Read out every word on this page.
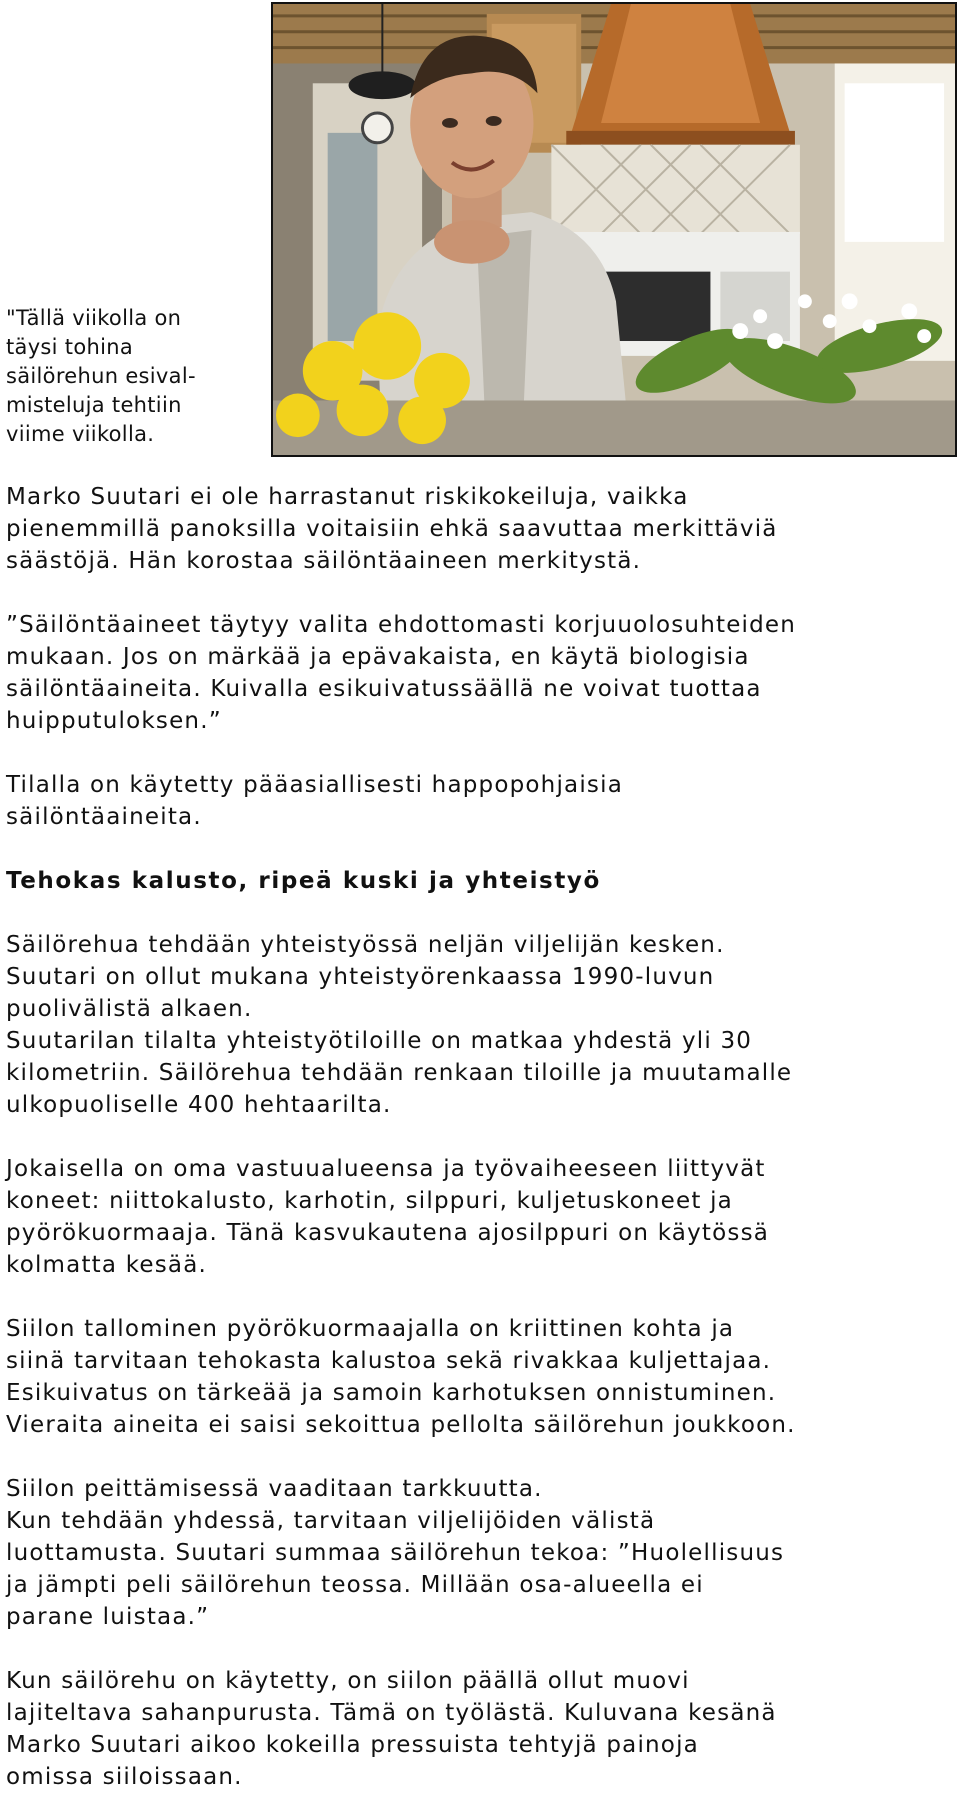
"Tällä viikolla on
täysi tohina
säilörehun esival-
misteluja tehtiin
viime viikolla.

Marko Suutari ei ole harrastanut riskikokeiluja, vaikka
pienemmillä panoksilla voitaisiin ehkä saavuttaa merkittäviä
säästöjä. Hän korostaa säilöntäaineen merkitystä.

”Säilöntäaineet täytyy valita ehdottomasti korjuuolosuhteiden
mukaan. Jos on märkää ja epävakaista, en käytä biologisia
säilöntäaineita. Kuivalla esikuivatussäällä ne voivat tuottaa
huipputuloksen.”

Tilalla on käytetty pääasiallisesti happopohjaisia
säilöntäaineita.

Tehokas kalusto, ripeä kuski ja yhteistyö

Säilörehua tehdään yhteistyössä neljän viljelijän kesken.
Suutari on ollut mukana yhteistyörenkaassa 1990-luvun
puolivälistä alkaen.
Suutarilan tilalta yhteistyötiloille on matkaa yhdestä yli 30
kilometriin. Säilörehua tehdään renkaan tiloille ja muutamalle
ulkopuoliselle 400 hehtaarilta.

Jokaisella on oma vastuualueensa ja työvaiheeseen liittyvät
koneet: niittokalusto, karhotin, silppuri, kuljetuskoneet ja
pyörökuormaaja. Tänä kasvukautena ajosilppuri on käytössä
kolmatta kesää.

Siilon tallominen pyörökuormaajalla on kriittinen kohta ja
siinä tarvitaan tehokasta kalustoa sekä rivakkaa kuljettajaa.
Esikuivatus on tärkeää ja samoin karhotuksen onnistuminen.
Vieraita aineita ei saisi sekoittua pellolta säilörehun joukkoon.

Siilon peittämisessä vaaditaan tarkkuutta.
Kun tehdään yhdessä, tarvitaan viljelijöiden välistä
luottamusta. Suutari summaa säilörehun tekoa: ”Huolellisuus
ja jämpti peli säilörehun teossa. Millään osa-alueella ei
parane luistaa.”

Kun säilörehu on käytetty, on siilon päällä ollut muovi
lajiteltava sahanpurusta. Tämä on työlästä. Kuluvana kesänä
Marko Suutari aikoo kokeilla pressuista tehtyjä painoja
omissa siiloissaan.
